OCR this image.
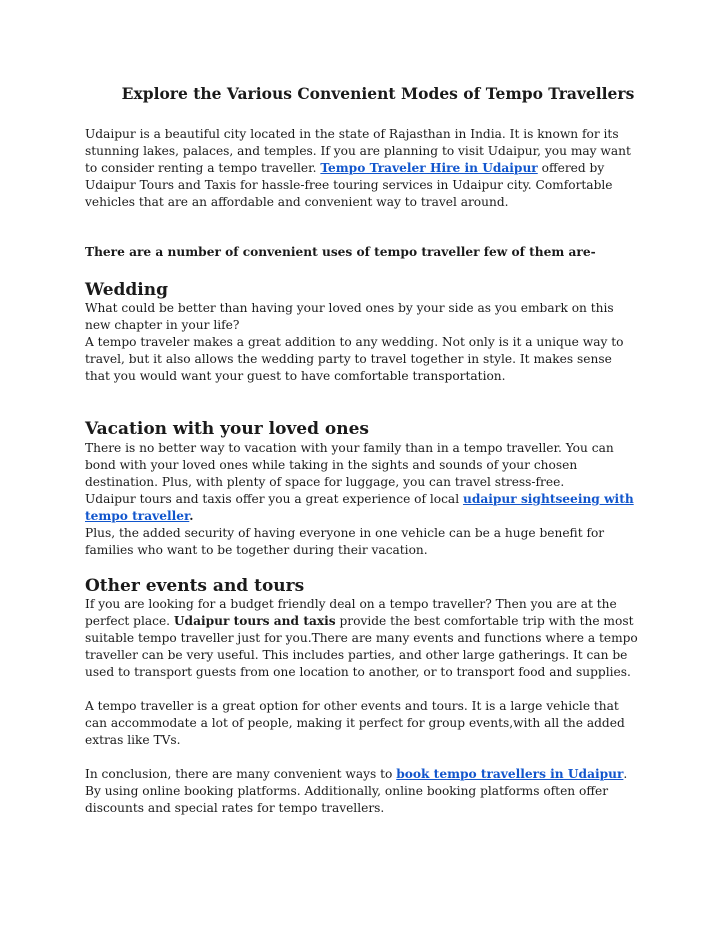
Explore the Various Convenient Modes of Tempo Travellers

Udaipur is a beautiful city located in the state of Rajasthan in India. It is known for its stunning lakes, palaces, and temples. If you are planning to visit Udaipur, you may want to consider renting a tempo traveller. Tempo Traveler Hire in Udaipur offered by Udaipur Tours and Taxis for hassle-free touring services in Udaipur city. Comfortable vehicles that are an affordable and convenient way to travel around.

There are a number of convenient uses of tempo traveller few of them are-

Wedding

What could be better than having your loved ones by your side as you embark on this new chapter in your life?

A tempo traveler makes a great addition to any wedding. Not only is it a unique way to travel, but it also allows the wedding party to travel together in style. It makes sense that you would want your guest to have comfortable transportation.

Vacation with your loved ones

There is no better way to vacation with your family than in a tempo traveller. You can bond with your loved ones while taking in the sights and sounds of your chosen destination. Plus, with plenty of space for luggage, you can travel stress-free.

Udaipur tours and taxis offer you a great experience of local udaipur sightseeing with tempo traveller.

Plus, the added security of having everyone in one vehicle can be a huge benefit for families who want to be together during their vacation.

Other events and tours

If you are looking for a budget friendly deal on a tempo traveller? Then you are at the perfect place. Udaipur tours and taxis provide the best comfortable trip with the most suitable tempo traveller just for you.There are many events and functions where a tempo traveller can be very useful. This includes parties, and other large gatherings. It can be used to transport guests from one location to another, or to transport food and supplies.

A tempo traveller is a great option for other events and tours. It is a large vehicle that can accommodate a lot of people, making it perfect for group events,with all the added extras like TVs.

In conclusion, there are many convenient ways to book tempo travellers in Udaipur. By using online booking platforms. Additionally, online booking platforms often offer discounts and special rates for tempo travellers.
